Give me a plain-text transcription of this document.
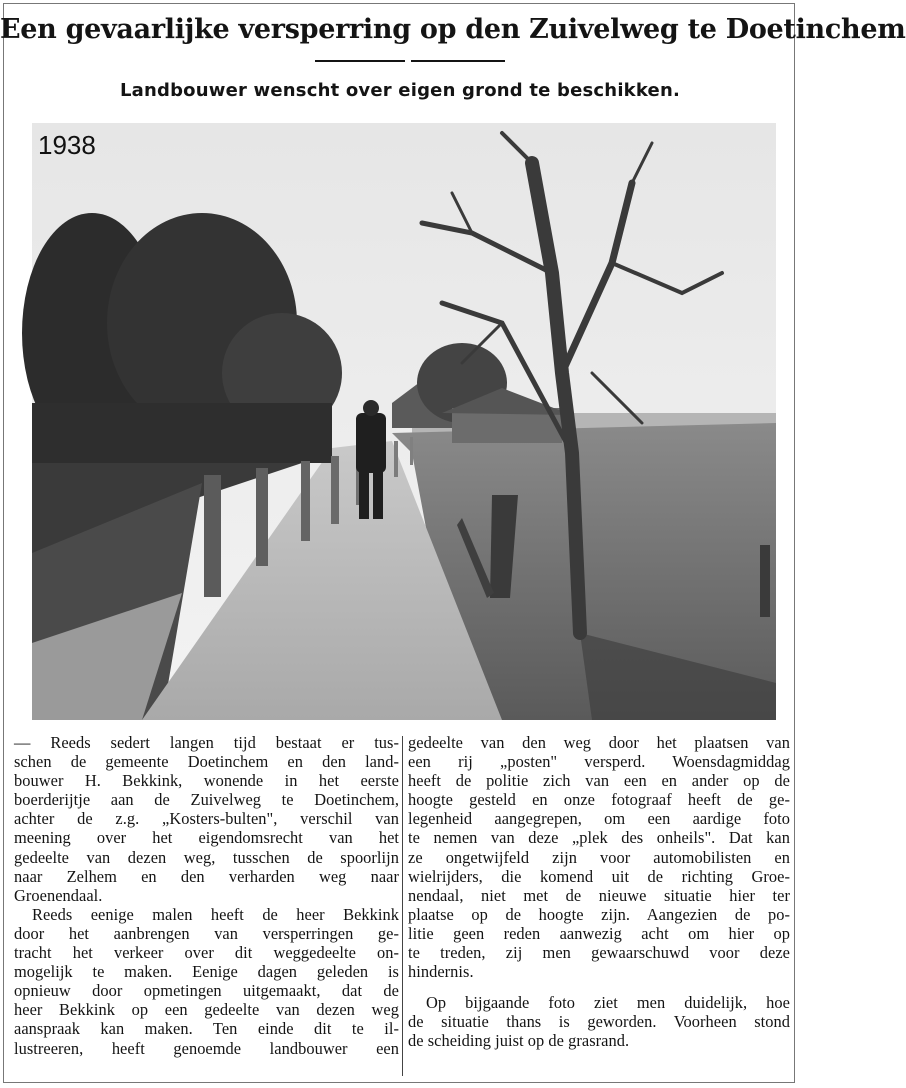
Een gevaarlijke versperring op den Zuivelweg te Doetinchem
Landbouwer wenscht over eigen grond te beschikken.
1938
— Reeds sedert langen tijd bestaat er tus-
schen de gemeente Doetinchem en den land-
bouwer H. Bekkink, wonende in het eerste
boerderijtje aan de Zuivelweg te Doetinchem,
achter de z.g. „Kosters-bulten", verschil van
meening over het eigendomsrecht van het
gedeelte van dezen weg, tusschen de spoorlijn
naar Zelhem en den verharden weg naar
Groenendaal.
Reeds eenige malen heeft de heer Bekkink
door het aanbrengen van versperringen ge-
tracht het verkeer over dit weggedeelte on-
mogelijk te maken. Eenige dagen geleden is
opnieuw door opmetingen uitgemaakt, dat de
heer Bekkink op een gedeelte van dezen weg
aanspraak kan maken. Ten einde dit te il-
lustreeren, heeft genoemde landbouwer een
gedeelte van den weg door het plaatsen van
een rij „posten" versperd. Woensdagmiddag
heeft de politie zich van een en ander op de
hoogte gesteld en onze fotograaf heeft de ge-
legenheid aangegrepen, om een aardige foto
te nemen van deze „plek des onheils". Dat kan
ze ongetwijfeld zijn voor automobilisten en
wielrijders, die komend uit de richting Groe-
nendaal, niet met de nieuwe situatie hier ter
plaatse op de hoogte zijn. Aangezien de po-
litie geen reden aanwezig acht om hier op
te treden, zij men gewaarschuwd voor deze
hindernis.
Op bijgaande foto ziet men duidelijk, hoe
de situatie thans is geworden. Voorheen stond
de scheiding juist op de grasrand.
